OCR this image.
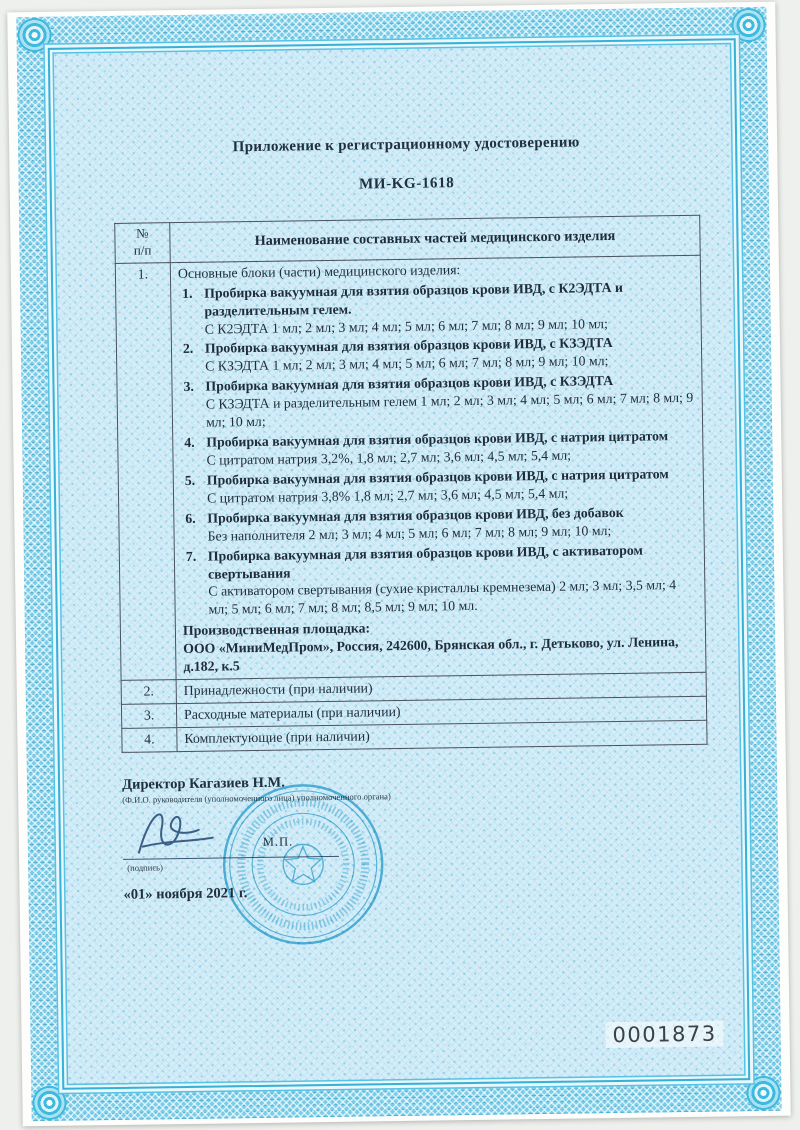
Приложение к регистрационному удостоверению
МИ-KG-1618
№
п/п	Наименование составных частей медицинского изделия
1.	Основные блоки (части) медицинского изделия:
1. Пробирка вакуумная для взятия образцов крови ИВД, с К2ЭДТА и разделительным гелем.
С К2ЭДТА 1 мл; 2 мл; 3 мл; 4 мл; 5 мл; 6 мл; 7 мл; 8 мл; 9 мл; 10 мл;
2. Пробирка вакуумная для взятия образцов крови ИВД, с КЗЭДТА
С КЗЭДТА 1 мл; 2 мл; 3 мл; 4 мл; 5 мл; 6 мл; 7 мл; 8 мл; 9 мл; 10 мл;
3. Пробирка вакуумная для взятия образцов крови ИВД, с КЗЭДТА
С КЗЭДТА и разделительным гелем 1 мл; 2 мл; 3 мл; 4 мл; 5 мл; 6 мл; 7 мл; 8 мл; 9 мл; 10 мл;
4. Пробирка вакуумная для взятия образцов крови ИВД, с натрия цитратом
С цитратом натрия 3,2%, 1,8 мл; 2,7 мл; 3,6 мл; 4,5 мл; 5,4 мл;
5. Пробирка вакуумная для взятия образцов крови ИВД, с натрия цитратом
С цитратом натрия 3,8% 1,8 мл; 2,7 мл; 3,6 мл; 4,5 мл; 5,4 мл;
6. Пробирка вакуумная для взятия образцов крови ИВД, без добавок
Без наполнителя 2 мл; 3 мл; 4 мл; 5 мл; 6 мл; 7 мл; 8 мл; 9 мл; 10 мл;
7. Пробирка вакуумная для взятия образцов крови ИВД, с активатором свертывания
С активатором свертывания (сухие кристаллы кремнезема) 2 мл; 3 мл; 3,5 мл; 4 мл; 5 мл; 6 мл; 7 мл; 8 мл; 8,5 мл; 9 мл; 10 мл.
Производственная площадка:
ООО «МиниМедПром», Россия, 242600, Брянская обл., г. Детьково, ул. Ленина, д.182, к.5

2.	Принадлежности (при наличии)
3.	Расходные материалы (при наличии)
4.	Комплектующие (при наличии)
Директор Кагазиев Н.М.
(Ф.И.О. руководителя (уполномоченного лица) уполномоченного органа)
М.П.
(подпись)
«01» ноября 2021 г.
0001873
